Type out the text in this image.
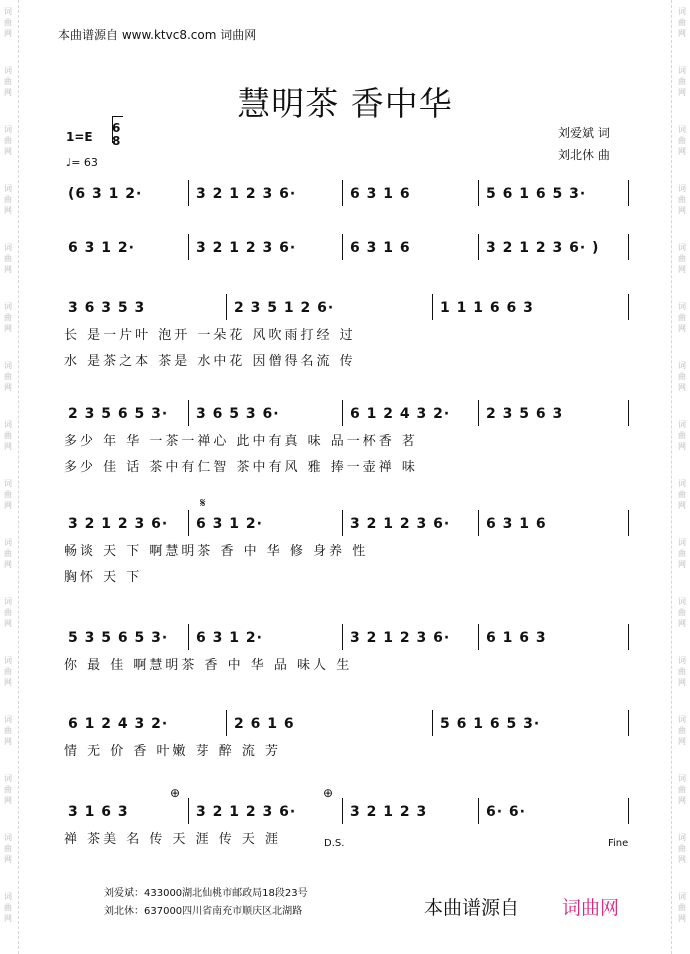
词
曲
网
词
曲
网
词
曲
网
词
曲
网
词
曲
网
词
曲
网
词
曲
网
词
曲
网
词
曲
网
词
曲
网
词
曲
网
词
曲
网
词
曲
网
词
曲
网
词
曲
网
词
曲
网
词
曲
网
词
曲
网
词
曲
网
词
曲
网
词
曲
网
词
曲
网
词
曲
网
词
曲
网
词
曲
网
词
曲
网
词
曲
网
词
曲
网
词
曲
网
词
曲
网
词
曲
网
词
曲
网
本曲谱源自 www.ktvc8.com 词曲网
慧明茶 香中华
1=E
6
8
♩= 63
刘爱斌 词
刘北休 曲
(6 3 1 2·	3 2 1 2 3 6·	6 3 1 6	5 6 1 6 5 3·
6 3 1 2·	3 2 1 2 3 6·	6 3 1 6	3 2 1 2 3 6· )
3 6 3 5 3	2 3 5 1 2 6·	1 1 1 6 6 3
长 是一片叶 泡开 一朵花 风吹雨打经 过
水 是茶之本 茶是 水中花 因僧得名流 传
2 3 5 6 5 3· 3 6 5 3 6·	6 1 2 4 3 2·	2 3 5 6 3
多少 年 华 一茶一禅心 此中有真 味 品一杯香 茗
多少 佳 话 茶中有仁智 茶中有风 雅 捧一壶禅 味
3 2 1 2 3 6· 6 3 1 2·	3 2 1 2 3 6·	6 3 1 6
畅谈 天 下 啊慧明茶 香 中 华 修 身养 性
胸怀 天 下
5 3 5 6 5 3· 6 3 1 2·	3 2 1 2 3 6·	6 1 6 3
你 最 佳 啊慧明茶 香 中 华 品 味人 生
6 1 2 4 3 2·	2 6 1 6	5 6 1 6 5 3·
情 无 价 香 叶嫩 芽 醉 流 芳
3 1 6 3	3 2 1 2 3 6·	3 2 1 2 3	6· 6·
禅 茶美 名 传 天 涯 传 天 涯
𝄋
⊕	⊕
D.S.	Fine
刘爱斌：433000湖北仙桃市邮政局18段23号
刘北休：637000四川省南充市顺庆区北湖路	本曲谱源自 词曲网
